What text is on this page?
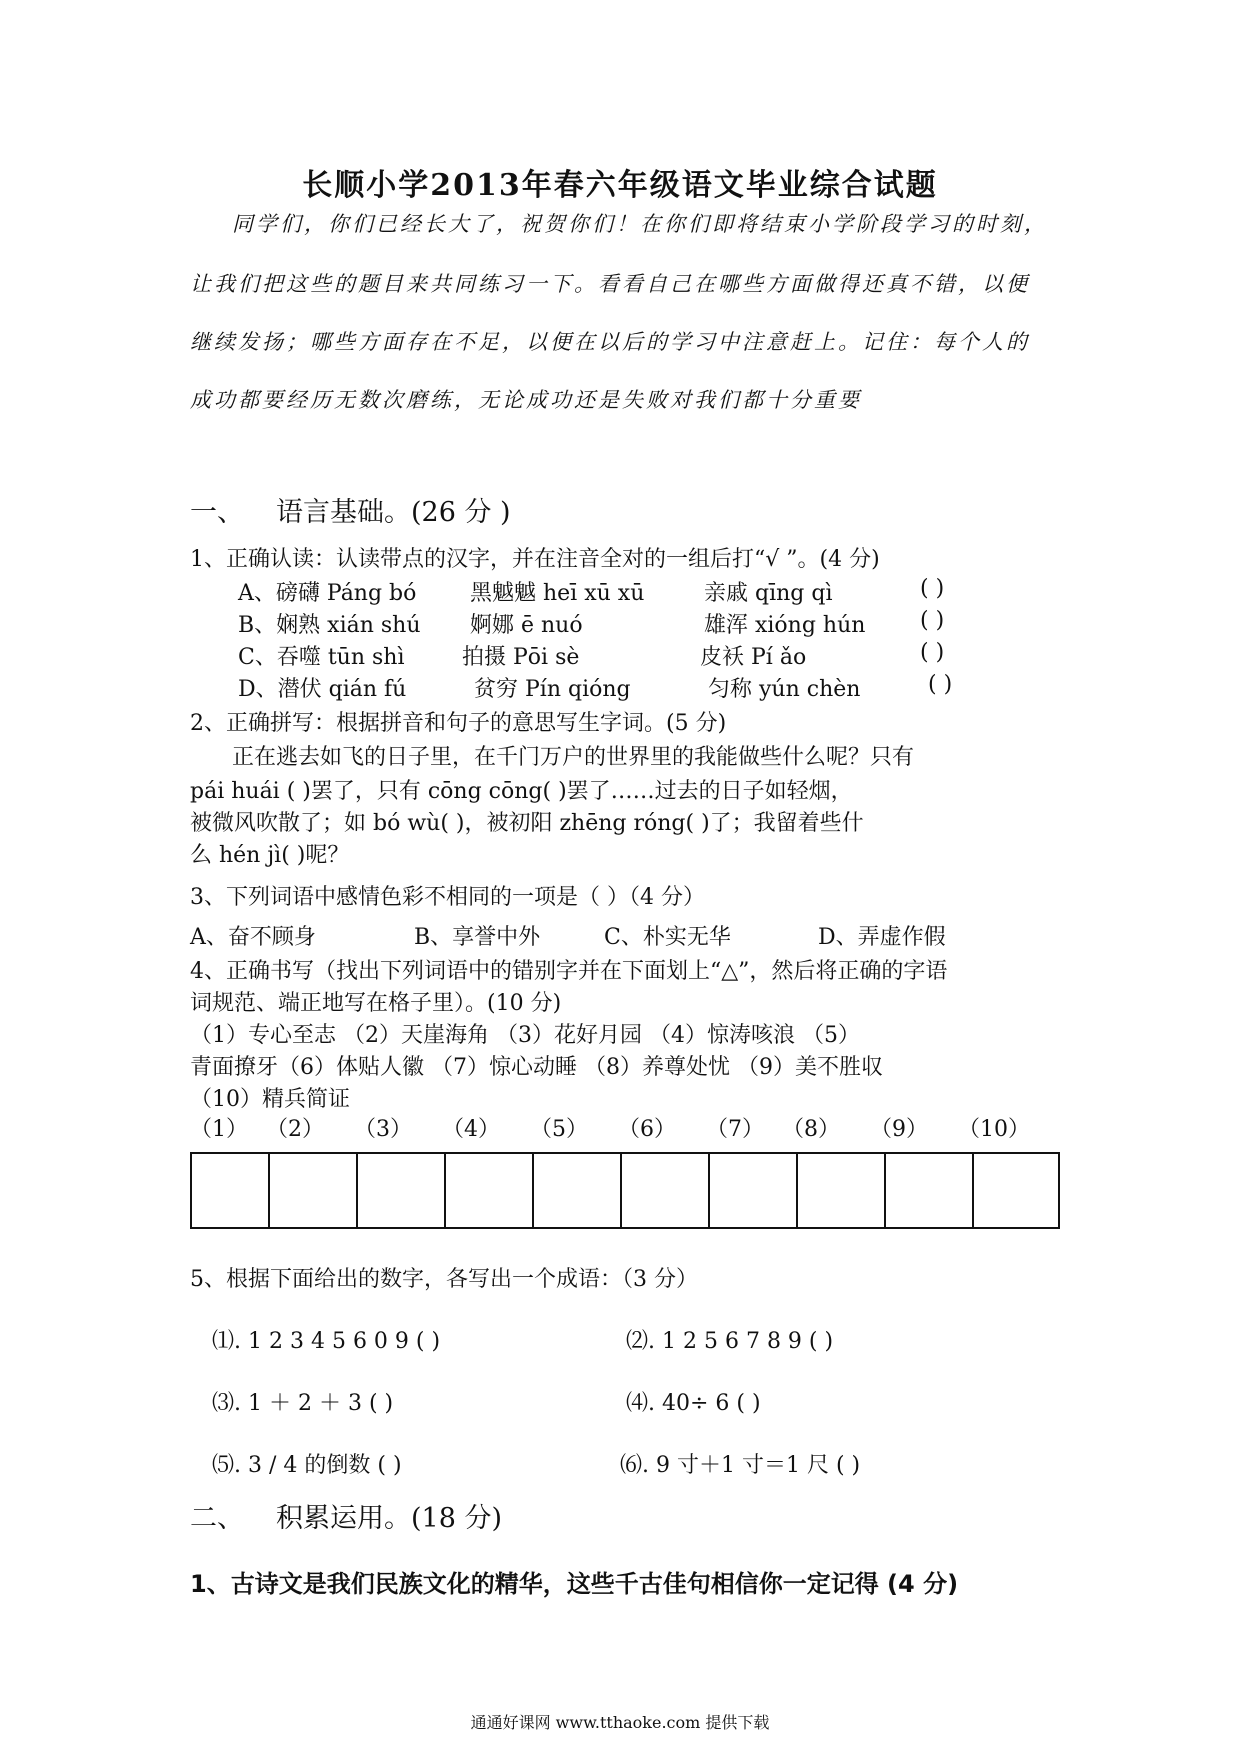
长顺小学2013年春六年级语文毕业综合试题
同学们，你们已经长大了，祝贺你们！在你们即将结束小学阶段学习的时刻，
让我们把这些的题目来共同练习一下。看看自己在哪些方面做得还真不错，以便
继续发扬；哪些方面存在不足，以便在以后的学习中注意赶上。记住：每个人的
成功都要经历无数次磨练，无论成功还是失败对我们都十分重要
一、 语言基础。(26 分 )
1、正确认读：认读带点的汉字，并在注音全对的一组后打“√ ”。(4 分)
A、磅礴 Páng bó 黑魆魆 heī xū xū	亲戚 qīng qì	( )
B、娴熟 xián shú 婀娜 ē nuó	雄浑 xióng hún ( )
C、吞噬 tūn shì	拍摄 Pōi sè	皮袄 Pí ǎo	( )
D、潜伏 qián fú	贫穷 Pín qióng	匀称 yún chèn	( )
2、正确拼写：根据拼音和句子的意思写生字词。(5 分)
正在逃去如飞的日子里，在千门万户的世界里的我能做些什么呢？只有
pái huái ( )罢了，只有 cōng cōng( )罢了……过去的日子如轻烟，
被微风吹散了；如 bó wù( )，被初阳 zhēng róng( )了；我留着些什
么 hén jì( )呢？
3、下列词语中感情色彩不相同的一项是（ ）（4 分）
A、奋不顾身	B、享誉中外	C、朴实无华	D、弄虚作假
4、正确书写（找出下列词语中的错别字并在下面划上“△”，然后将正确的字语
词规范、端正地写在格子里）。(10 分)
（1）专心至志 （2）天崖海角 （3）花好月园 （4）惊涛咳浪 （5）
青面撩牙（6）体贴人徽 （7）惊心动睡 （8）养尊处忧 （9）美不胜収
（10）精兵简证
（1） （2） （3） （4） （5） （6） （7） （8） （9） （10）
5、根据下面给出的数字，各写出一个成语：（3 分）
⑴. 1 2 3 4 5 6 0 9 ( )	⑵. 1 2 5 6 7 8 9 ( )
⑶. 1 ＋ 2 ＋ 3 ( )	⑷. 40÷ 6 ( )
⑸. 3 / 4 的倒数 ( )	⑹. 9 寸＋1 寸＝1 尺 ( )
二、 积累运用。(18 分)
1、古诗文是我们民族文化的精华，这些千古佳句相信你一定记得 (4 分)
通通好课网 www.tthaoke.com 提供下载
